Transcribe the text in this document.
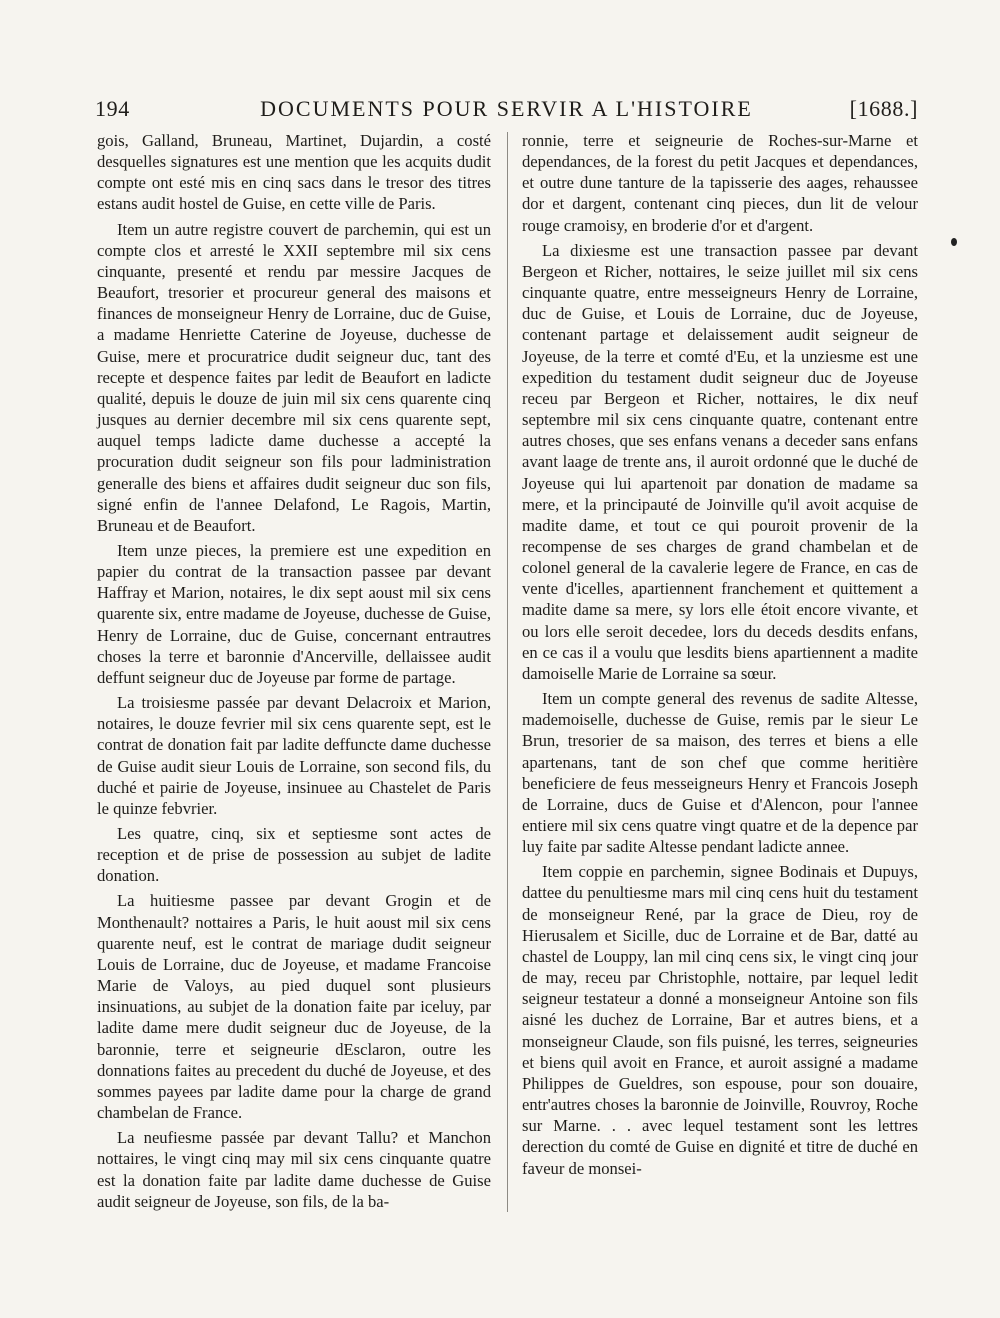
194	DOCUMENTS POUR SERVIR A L'HISTOIRE	[1688.]

gois, Galland, Bruneau, Martinet, Dujardin, a costé desquelles signatures est une mention que les acquits dudit compte ont esté mis en cinq sacs dans le tresor des titres estans audit hostel de Guise, en cette ville de Paris.

Item un autre registre couvert de parchemin, qui est un compte clos et arresté le XXII septembre mil six cens cinquante, presenté et rendu par messire Jacques de Beaufort, tresorier et procureur general des maisons et finances de monseigneur Henry de Lorraine, duc de Guise, a madame Henriette Caterine de Joyeuse, duchesse de Guise, mere et procuratrice dudit seigneur duc, tant des recepte et despence faites par ledit de Beaufort en ladicte qualité, depuis le douze de juin mil six cens quarente cinq jusques au dernier decembre mil six cens quarente sept, auquel temps ladicte dame duchesse a accepté la procuration dudit seigneur son fils pour ladministration generalle des biens et affaires dudit seigneur duc son fils, signé enfin de l'annee Delafond, Le Ragois, Martin, Bruneau et de Beaufort.

Item unze pieces, la premiere est une expedition en papier du contrat de la transaction passee par devant Haffray et Marion, notaires, le dix sept aoust mil six cens quarente six, entre madame de Joyeuse, duchesse de Guise, Henry de Lorraine, duc de Guise, concernant entrautres choses la terre et baronnie d'Ancerville, dellaissee audit deffunt seigneur duc de Joyeuse par forme de partage.

La troisiesme passée par devant Delacroix et Marion, notaires, le douze fevrier mil six cens quarente sept, est le contrat de donation fait par ladite deffuncte dame duchesse de Guise audit sieur Louis de Lorraine, son second fils, du duché et pairie de Joyeuse, insinuee au Chastelet de Paris le quinze febvrier.

Les quatre, cinq, six et septiesme sont actes de reception et de prise de possession au subjet de ladite donation.

La huitiesme passee par devant Grogin et de Monthenault? nottaires a Paris, le huit aoust mil six cens quarente neuf, est le contrat de mariage dudit seigneur Louis de Lorraine, duc de Joyeuse, et madame Francoise Marie de Valoys, au pied duquel sont plusieurs insinuations, au subjet de la donation faite par iceluy, par ladite dame mere dudit seigneur duc de Joyeuse, de la baronnie, terre et seigneurie dEsclaron, outre les donnations faites au precedent du duché de Joyeuse, et des sommes payees par ladite dame pour la charge de grand chambelan de France.

La neufiesme passée par devant Tallu? et Manchon nottaires, le vingt cinq may mil six cens cinquante quatre est la donation faite par ladite dame duchesse de Guise audit seigneur de Joyeuse, son fils, de la ba-

ronnie, terre et seigneurie de Roches-sur-Marne et dependances, de la forest du petit Jacques et dependances, et outre dune tanture de la tapisserie des aages, rehaussee dor et dargent, contenant cinq pieces, dun lit de velour rouge cramoisy, en broderie d'or et d'argent.

La dixiesme est une transaction passee par devant Bergeon et Richer, nottaires, le seize juillet mil six cens cinquante quatre, entre messeigneurs Henry de Lorraine, duc de Guise, et Louis de Lorraine, duc de Joyeuse, contenant partage et delaissement audit seigneur de Joyeuse, de la terre et comté d'Eu, et la unziesme est une expedition du testament dudit seigneur duc de Joyeuse receu par Bergeon et Richer, nottaires, le dix neuf septembre mil six cens cinquante quatre, contenant entre autres choses, que ses enfans venans a deceder sans enfans avant laage de trente ans, il auroit ordonné que le duché de Joyeuse qui lui apartenoit par donation de madame sa mere, et la principauté de Joinville qu'il avoit acquise de madite dame, et tout ce qui pouroit provenir de la recompense de ses charges de grand chambelan et de colonel general de la cavalerie legere de France, en cas de vente d'icelles, apartiennent franchement et quittement a madite dame sa mere, sy lors elle étoit encore vivante, et ou lors elle seroit decedee, lors du deceds desdits enfans, en ce cas il a voulu que lesdits biens apartiennent a madite damoiselle Marie de Lorraine sa sœur.

Item un compte general des revenus de sadite Altesse, mademoiselle, duchesse de Guise, remis par le sieur Le Brun, tresorier de sa maison, des terres et biens a elle apartenans, tant de son chef que comme heritière beneficiere de feus messeigneurs Henry et Francois Joseph de Lorraine, ducs de Guise et d'Alencon, pour l'annee entiere mil six cens quatre vingt quatre et de la depence par luy faite par sadite Altesse pendant ladicte annee.

Item coppie en parchemin, signee Bodinais et Dupuys, dattee du penultiesme mars mil cinq cens huit du testament de monseigneur René, par la grace de Dieu, roy de Hierusalem et Sicille, duc de Lorraine et de Bar, datté au chastel de Louppy, lan mil cinq cens six, le vingt cinq jour de may, receu par Christophle, nottaire, par lequel ledit seigneur testateur a donné a monseigneur Antoine son fils aisné les duchez de Lorraine, Bar et autres biens, et a monseigneur Claude, son fils puisné, les terres, seigneuries et biens quil avoit en France, et auroit assigné a madame Philippes de Gueldres, son espouse, pour son douaire, entr'autres choses la baronnie de Joinville, Rouvroy, Roche sur Marne. . . avec lequel testament sont les lettres derection du comté de Guise en dignité et titre de duché en faveur de monsei-
